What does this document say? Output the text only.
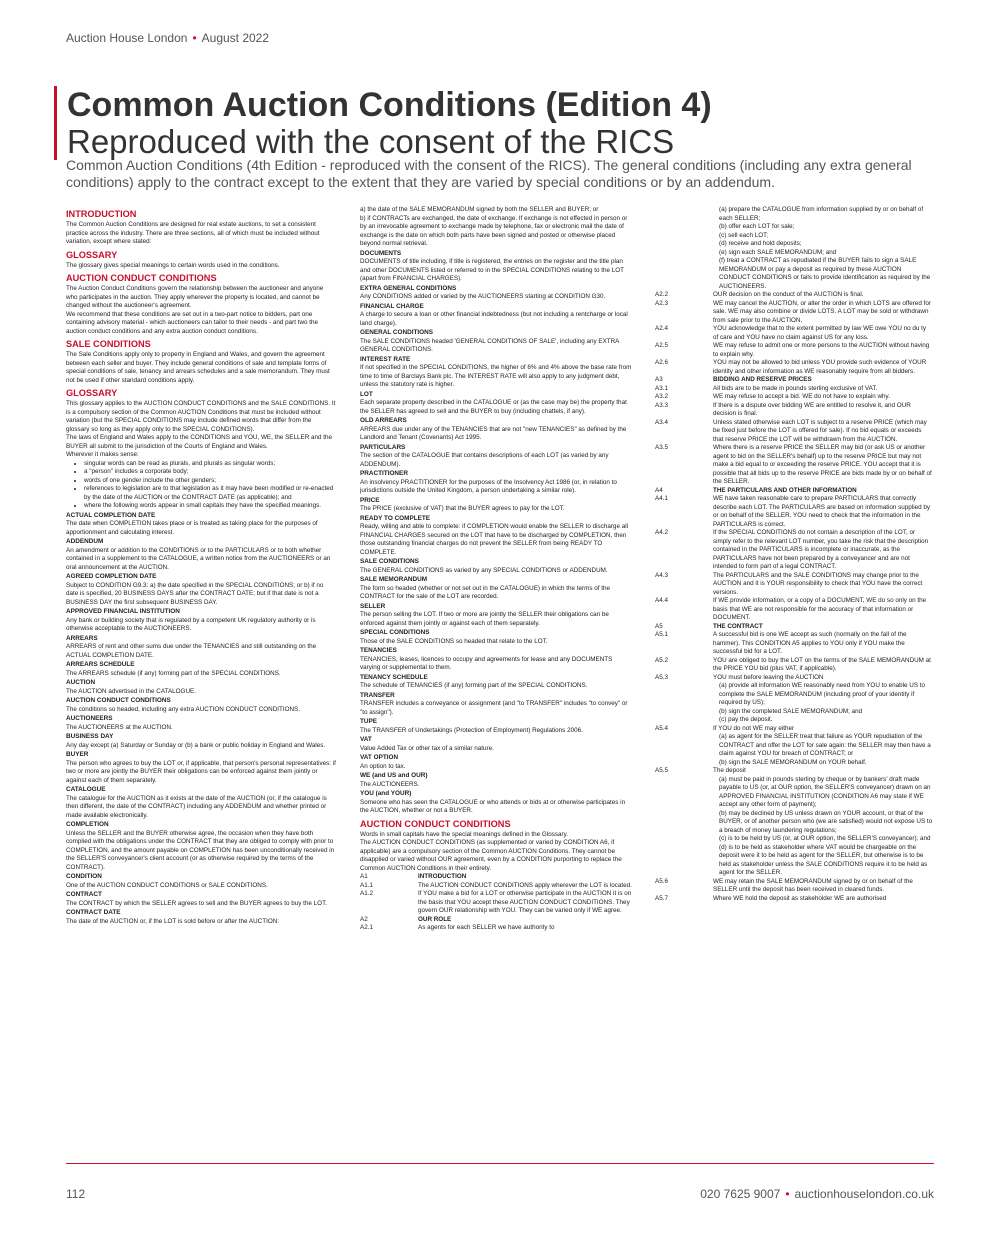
Auction House London • August 2022
Common Auction Conditions (Edition 4)
Reproduced with the consent of the RICS
Common Auction Conditions (4th Edition - reproduced with the consent of the RICS). The general conditions (including any extra general conditions) apply to the contract except to the extent that they are varied by special conditions or by an addendum.
INTRODUCTION

The Common Auction Conditions are designed for real estate auctions, to set a consistent practice across the industry. There are three sections, all of which must be included without variation, except where stated:

GLOSSARY

The glossary gives special meanings to certain words used in the conditions.

AUCTION CONDUCT CONDITIONS

The Auction Conduct Conditions govern the relationship between the auctioneer and anyone who participates in the auction. They apply wherever the property is located, and cannot be changed without the auctioneer's agreement.

We recommend that these conditions are set out in a two-part notice to bidders, part one containing advisory material - which auctioneers can tailor to their needs - and part two the auction conduct conditions and any extra auction conduct conditions.

SALE CONDITIONS

The Sale Conditions apply only to property in England and Wales, and govern the agreement between each seller and buyer. They include general conditions of sale and template forms of special conditions of sale, tenancy and arrears schedules and a sale memorandum. They must not be used if other standard conditions apply.

GLOSSARY

This glossary applies to the AUCTION CONDUCT CONDITIONS and the SALE CONDITIONS. It is a compulsory section of the Common AUCTION Conditions that must be included without variation (but the SPECIAL CONDITIONS may include defined words that differ from the glossary so long as they apply only to the SPECIAL CONDITIONS).

The laws of England and Wales apply to the CONDITIONS and YOU, WE, the SELLER and the BUYER all submit to the jurisdiction of the Courts of England and Wales.

Wherever it makes sense:

• singular words can be read as plurals, and plurals as singular words;
• a "person" includes a corporate body;
• words of one gender include the other genders;
• references to legislation are to that legislation as it may have been modified or re-enacted by the date of the AUCTION or the CONTRACT DATE (as applicable); and
• where the following words appear in small capitals they have the specified meanings.
ACTUAL COMPLETION DATE

The date when COMPLETION takes place or is treated as taking place for the purposes of apportionment and calculating interest.

ADDENDUM

An amendment or addition to the CONDITIONS or to the PARTICULARS or to both whether contained in a supplement to the CATALOGUE, a written notice from the AUCTIONEERS or an oral announcement at the AUCTION.

AGREED COMPLETION DATE

Subject to CONDITION G9.3: a) the date specified in the SPECIAL CONDITIONS; or b) if no date is specified, 20 BUSINESS DAYS after the CONTRACT DATE; but if that date is not a BUSINESS DAY the first subsequent BUSINESS DAY.

APPROVED FINANCIAL INSTITUTION

Any bank or building society that is regulated by a competent UK regulatory authority or is otherwise acceptable to the AUCTIONEERS.

ARREARS

ARREARS of rent and other sums due under the TENANCIES and still outstanding on the ACTUAL COMPLETION DATE.

ARREARS SCHEDULE

The ARREARS schedule (if any) forming part of the SPECIAL CONDITIONS.

AUCTION

The AUCTION advertised in the CATALOGUE.

AUCTION CONDUCT CONDITIONS

The conditions so headed, including any extra AUCTION CONDUCT CONDITIONS.

AUCTIONEERS

The AUCTIONEERS at the AUCTION.

BUSINESS DAY

Any day except (a) Saturday or Sunday or (b) a bank or public holiday in England and Wales.

BUYER

The person who agrees to buy the LOT or, if applicable, that person's personal representatives: if two or more are jointly the BUYER their obligations can be enforced against them jointly or against each of them separately.

CATALOGUE

The catalogue for the AUCTION as it exists at the date of the AUCTION (or, if the catalogue is then different, the date of the CONTRACT) including any ADDENDUM and whether printed or made available electronically.

COMPLETION

Unless the SELLER and the BUYER otherwise agree, the occasion when they have both complied with the obligations under the CONTRACT that they are obliged to comply with prior to COMPLETION, and the amount payable on COMPLETION has been unconditionally received in the SELLER'S conveyancer's client account (or as otherwise required by the terms of the CONTRACT).

CONDITION

One of the AUCTION CONDUCT CONDITIONS or SALE CONDITIONS.

CONTRACT

The CONTRACT by which the SELLER agrees to sell and the BUYER agrees to buy the LOT.

CONTRACT DATE

The date of the AUCTION or, if the LOT is sold before or after the AUCTION:

a) the date of the SALE MEMORANDUM signed by both the SELLER and BUYER; or

b) if CONTRACTs are exchanged, the date of exchange. If exchange is not effected in person or by an irrevocable agreement to exchange made by telephone, fax or electronic mail the date of exchange is the date on which both parts have been signed and posted or otherwise placed beyond normal retrieval.

DOCUMENTS

DOCUMENTS of title including, if title is registered, the entries on the register and the title plan and other DOCUMENTS listed or referred to in the SPECIAL CONDITIONS relating to the LOT (apart from FINANCIAL CHARGES).

EXTRA GENERAL CONDITIONS

Any CONDITIONS added or varied by the AUCTIONEERS starting at CONDITION G30.

FINANCIAL CHARGE

A charge to secure a loan or other financial indebtedness (but not including a rentcharge or local land charge).

GENERAL CONDITIONS

The SALE CONDITIONS headed 'GENERAL CONDITIONS OF SALE', including any EXTRA GENERAL CONDITIONS.

INTEREST RATE

If not specified in the SPECIAL CONDITIONS, the higher of 6% and 4% above the base rate from time to time of Barclays Bank plc. The INTEREST RATE will also apply to any judgment debt, unless the statutory rate is higher.

LOT

Each separate property described in the CATALOGUE or (as the case may be) the property that the SELLER has agreed to sell and the BUYER to buy (including chattels, if any).

OLD ARREARS

ARREARS due under any of the TENANCIES that are not "new TENANCIES" as defined by the Landlord and Tenant (Covenants) Act 1995.

PARTICULARS

The section of the CATALOGUE that contains descriptions of each LOT (as varied by any ADDENDUM).

PRACTITIONER

An insolvency PRACTITIONER for the purposes of the Insolvency Act 1986 (or, in relation to jurisdictions outside the United Kingdom, a person undertaking a similar role).

PRICE

The PRICE (exclusive of VAT) that the BUYER agrees to pay for the LOT.

READY TO COMPLETE

Ready, willing and able to complete: if COMPLETION would enable the SELLER to discharge all FINANCIAL CHARGES secured on the LOT that have to be discharged by COMPLETION, then those outstanding financial charges do not prevent the SELLER from being READY TO COMPLETE.

SALE CONDITIONS

The GENERAL CONDITIONS as varied by any SPECIAL CONDITIONS or ADDENDUM.

SALE MEMORANDUM

The form so headed (whether or not set out in the CATALOGUE) in which the terms of the CONTRACT for the sale of the LOT are recorded.

SELLER

The person selling the LOT. If two or more are jointly the SELLER their obligations can be enforced against them jointly or against each of them separately.

SPECIAL CONDITIONS

Those of the SALE CONDITIONS so headed that relate to the LOT.

TENANCIES

TENANCIES, leases, licences to occupy and agreements for lease and any DOCUMENTS varying or supplemental to them.

TENANCY SCHEDULE

The schedule of TENANCIES (if any) forming part of the SPECIAL CONDITIONS.

TRANSFER

TRANSFER includes a conveyance or assignment (and "to TRANSFER" includes "to convey" or "to assign").

TUPE

The TRANSFER of Undertakings (Protection of Employment) Regulations 2006.

VAT

Value Added Tax or other tax of a similar nature.

VAT OPTION

An option to tax.

WE (and US and OUR)

The AUCTIONEERS.

YOU (and YOUR)

Someone who has seen the CATALOGUE or who attends or bids at or otherwise participates in the AUCTION, whether or not a BUYER.

AUCTION CONDUCT CONDITIONS

Words in small capitals have the special meanings defined in the Glossary.

The AUCTION CONDUCT CONDITIONS (as supplemented or varied by CONDITION A6, if applicable) are a compulsory section of the Common AUCTION Conditions. They cannot be disapplied or varied without OUR agreement, even by a CONDITION purporting to replace the Common AUCTION Conditions in their entirety.

A1	INTRODUCTION
A1.1	The AUCTION CONDUCT CONDITIONS apply wherever the LOT is located.
A1.2	If YOU make a bid for a LOT or otherwise participate in the AUCTION it is on the basis that YOU accept these AUCTION CONDUCT CONDITIONS. They govern OUR relationship with YOU. They can be varied only if WE agree.
A2	OUR ROLE
A2.1	As agents for each SELLER we have authority to
(a) prepare the CATALOGUE from information supplied by or on behalf of each SELLER;
(b) offer each LOT for sale;
(c) sell each LOT;
(d) receive and hold deposits;
(e) sign each SALE MEMORANDUM; and
(f) treat a CONTRACT as repudiated if the BUYER fails to sign a SALE MEMORANDUM or pay a deposit as required by these AUCTION CONDUCT CONDITIONS or fails to provide identification as required by the AUCTIONEERS.
A2.2	OUR decision on the conduct of the AUCTION is final.
A2.3	WE may cancel the AUCTION, or alter the order in which LOTS are offered for sale. WE may also combine or divide LOTS. A LOT may be sold or withdrawn from sale prior to the AUCTION.
A2.4	YOU acknowledge that to the extent permitted by law WE owe YOU no du ty of care and YOU have no claim against US for any loss.
A2.5	WE may refuse to admit one or more persons to the AUCTION without having to explain why.
A2.6	YOU may not be allowed to bid unless YOU provide such evidence of YOUR identity and other information as WE reasonably require from all bidders.
A3	BIDDING AND RESERVE PRICES
A3.1	All bids are to be made in pounds sterling exclusive of VAT.
A3.2	WE may refuse to accept a bid. WE do not have to explain why.
A3.3	If there is a dispute over bidding WE are entitled to resolve it, and OUR decision is final.
A3.4	Unless stated otherwise each LOT is subject to a reserve PRICE (which may be fixed just before the LOT is offered for sale). If no bid equals or exceeds that reserve PRICE the LOT will be withdrawn from the AUCTION.
A3.5	Where there is a reserve PRICE the SELLER may bid (or ask US or another agent to bid on the SELLER's behalf) up to the reserve PRICE but may not make a bid equal to or exceeding the reserve PRICE. YOU accept that it is possible that all bids up to the reserve PRICE are bids made by or on behalf of the SELLER.
A4	THE PARTICULARS AND OTHER INFORMATION
A4.1	WE have taken reasonable care to prepare PARTICULARS that correctly describe each LOT. The PARTICULARS are based on information supplied by or on behalf of the SELLER. YOU need to check that the information in the PARTICULARS is correct.
A4.2	If the SPECIAL CONDITIONS do not contain a description of the LOT, or simply refer to the relevant LOT number, you take the risk that the description contained in the PARTICULARS is incomplete or inaccurate, as the PARTICULARS have not been prepared by a conveyancer and are not intended to form part of a legal CONTRACT.
A4.3	The PARTICULARS and the SALE CONDITIONS may change prior to the AUCTION and it is YOUR responsibility to check that YOU have the correct versions.
A4.4	If WE provide information, or a copy of a DOCUMENT, WE do so only on the basis that WE are not responsible for the accuracy of that information or DOCUMENT.
A5	THE CONTRACT
A5.1	A successful bid is one WE accept as such (normally on the fall of the hammer). This CONDITION A5 applies to YOU only if YOU make the successful bid for a LOT.
A5.2	YOU are obliged to buy the LOT on the terms of the SALE MEMORANDUM at the PRICE YOU bid (plus VAT, if applicable).
A5.3	YOU must before leaving the AUCTION
(a) provide all information WE reasonably need from YOU to enable US to complete the SALE MEMORANDUM (including proof of your identity if required by US);
(b) sign the completed SALE MEMORANDUM; and
(c) pay the deposit.
A5.4	If YOU do not WE may either
(a) as agent for the SELLER treat that failure as YOUR repudiation of the CONTRACT and offer the LOT for sale again: the SELLER may then have a claim against YOU for breach of CONTRACT; or
(b) sign the SALE MEMORANDUM on YOUR behalf.
A5.5	The deposit
(a) must be paid in pounds sterling by cheque or by bankers' draft made payable to US (or, at OUR option, the SELLER'S conveyancer) drawn on an APPROVED FINANCIAL INSTITUTION (CONDITION A6 may state if WE accept any other form of payment);
(b) may be declined by US unless drawn on YOUR account, or that of the BUYER, or of another person who (we are satisfied) would not expose US to a breach of money laundering regulations;
(c) is to be held by US (or, at OUR option, the SELLER'S conveyancer); and
(d) is to be held as stakeholder where VAT would be chargeable on the deposit were it to be held as agent for the SELLER, but otherwise is to be held as stakeholder unless the SALE CONDITIONS require it to be held as agent for the SELLER.
A5.6	WE may retain the SALE MEMORANDUM signed by or on behalf of the SELLER until the deposit has been received in cleared funds.
A5.7	Where WE hold the deposit as stakeholder WE are authorised
112	020 7625 9007 • auctionhouselondon.co.uk
